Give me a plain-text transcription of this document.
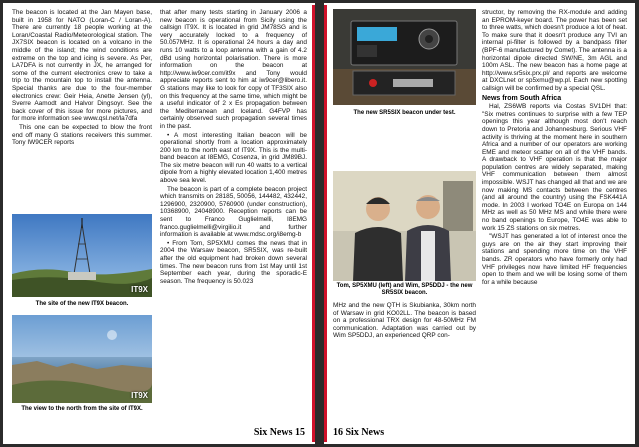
The beacon is located at the Jan Mayen base, built in 1958 for NATO (Loran-C / Loran-A). There are currently 18 people working at the Loran/Coastal Radio/Meteorological station. The JX7SIX beacon is located on a volcano in the middle of the island; the wind conditions are extreme on the top and icing is severe. As Per, LA7DFA is not currently in JX, he arranged for some of the current electronics crew to take a trip to the mountain top to install the antenna. Special thanks are due to the four-member electronics crew: Geir Heia, Anette Jensen (yl), Sverre Aamodt and Halvor Dingsoyr. See the back cover of this issue for more pictures, and for more information see www.qsl.net/la7dfa

This one can be expected to blow the front end off many G stations receivers this summer. Tony IW9CER reports

IT9X
The site of the new IT9X beacon.
IT9X
The view to the north from the site of IT9X.

that after many tests starting in January 2006 a new beacon is operational from Sicily using the callsign IT9X. It is located in grid JM78SG and is very accurately locked to a frequency of 50.057MHz. It is operational 24 hours a day and runs 10 watts to a loop antenna with a gain of 4.2 dBd using horizontal polarisation. There is more information on the beacon at http://www.iw9cer.com/it9x and Tony would appreciate reports sent to him at iw9cer@libero.it. G stations may like to look for copy of TF3SIX also on this frequency at the same time, which might be a useful indicator of 2 x Es propagation between the Mediterranean and Iceland. G4FVP has certainly observed such propagation several times in the past.

• A most interesting Italian beacon will be operational shortly from a location approximately 200 km to the north east of IT9X. This is the multi-band beacon at I8EMG, Cosenza, in grid JM89BJ. The six metre beacon will run 40 watts to a vertical dipole from a highly elevated location 1,400 metres above sea level.

The beacon is part of a complete beacon project which transmits on 28185, 50056, 144482, 432442, 1296900, 2320900, 5760900 (under construction), 10368900, 24048900. Reception reports can be sent to Franco Guglielmelli, I8EMG franco.guglielmelli@virgilio.it and further information is available at www.mdsc.org/i8emg-b

• From Tom, SP5XMU comes the news that in 2004 the Warsaw beacon, SR5SIX, was re-built after the old equipment had broken down several times. The new beacon runs from 1st May until 1st September each year, during the sporadic-E season. The frequency is 50.023

Six News 15
The new SR5SIX beacon under test.
Tom, SP5XMU (left) and Wim, SP5DDJ - the new SR5SIX beacon.

MHz and the new QTH is Skubianka, 30km north of Warsaw in grid KO02LL. The beacon is based on a professional TRX design for 48-50MHz FM communication. Adaptation was carried out by Wim SP5DDJ, an experienced QRP con-

structor, by removing the RX-module and adding an EPROM-keyer board. The power has been set to three watts, which doesn't produce a lot of heat. To make sure that it doesn't produce any TVI an internal pi-filter is followed by a bandpass filter (BPF-6 manufactured by Comet). The antenna is a horizontal dipole directed SW/NE, 3m AGL and 100m ASL. The new beacon has a home page at http://www.sr5six.prx.pl/ and reports are welcome at DXCLnet or sp5xmu@wp.pl. Each new spotting callsign will be confirmed by a special QSL.

News from South Africa

Hal, ZS6WB reports via Costas SV1DH that: "Six metres continues to surprise with a few TEP openings this year although most don't reach down to Pretoria and Johannesburg. Serious VHF activity is thriving at the moment here in southern Africa and a number of our operators are working EME and meteor scatter on all of the VHF bands. A drawback to VHF operation is that the major population centres are widely separated, making VHF communication between them almost impossible. WSJT has changed all that and we are now making MS contacts between the centres (and all around the country) using the FSK441A mode. In 2003 I worked TO4E on Europa on 144 MHz as well as 50 MHz MS and while there were no band openings to Europe, TO4E was able to work 15 ZS stations on six metres.

"WSJT has generated a lot of interest once the guys are on the air they start improving their stations and spending more time on the VHF bands. ZR operators who have formerly only had VHF privileges now have limited HF frequencies open to them and we will be losing some of them for a while because

16 Six News
